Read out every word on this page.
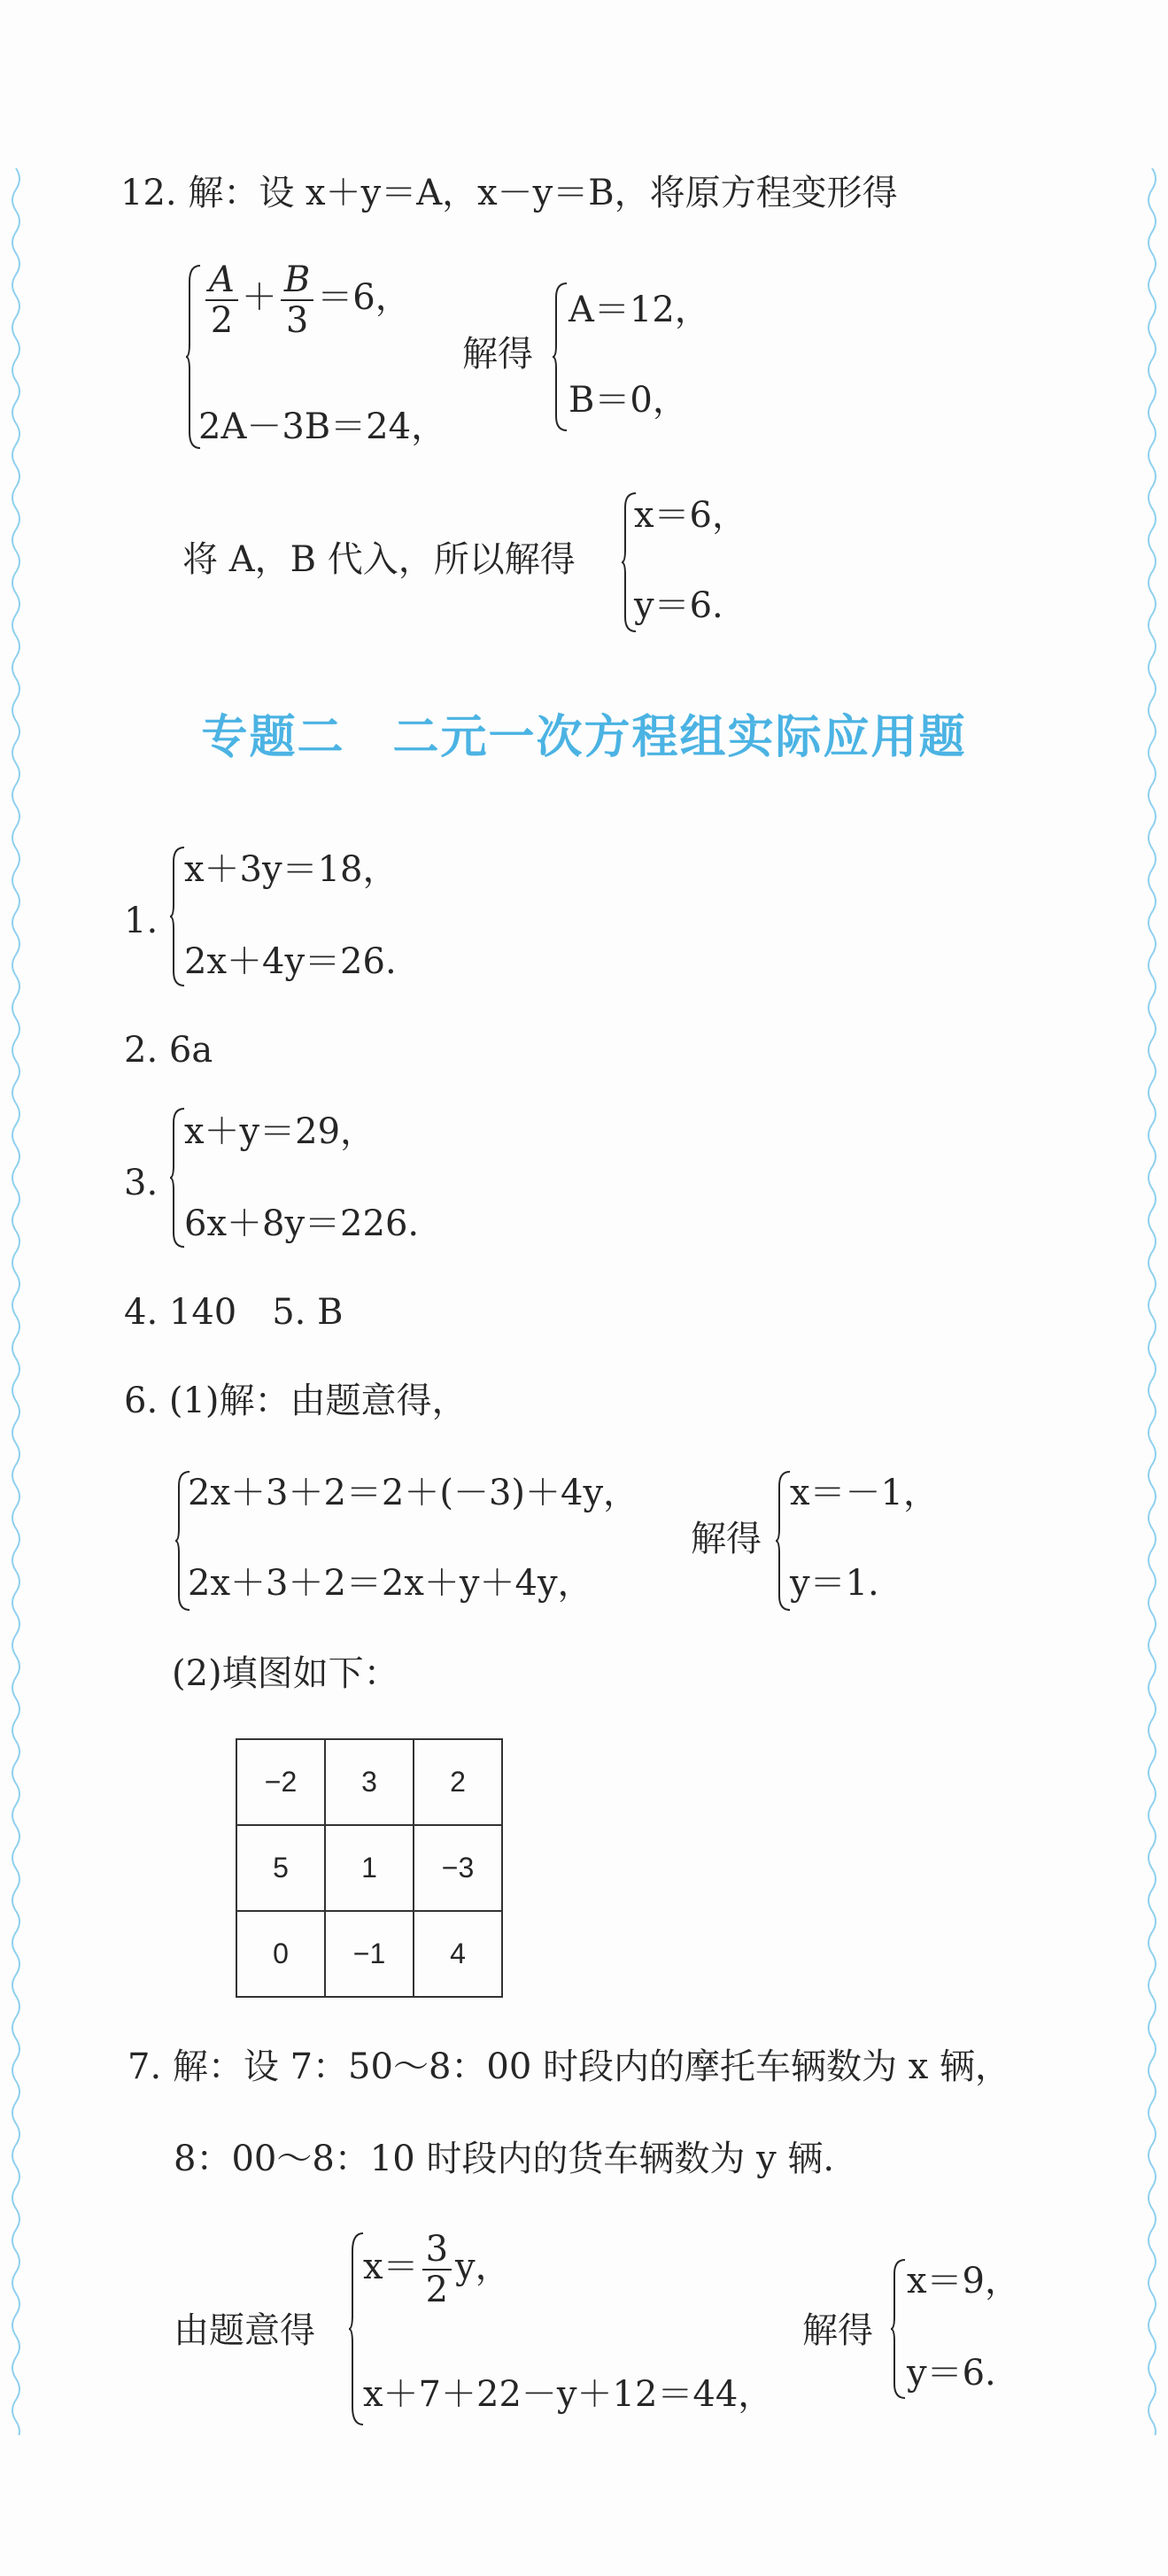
12. 解：设 x＋y＝A，x－y＝B，将原方程变形得
$\frac{A}{2} + \frac{B}{3} =6$，
2A－3B＝24，
解得
A＝12，
B＝0，
将 A，B 代入，所以解得
x＝6，
y＝6.
专题二　二元一次方程组实际应用题
1.
x＋3y＝18，
2x＋4y＝26.
2. 6a
3.
x＋y＝29，
6x＋8y＝226.
4. 140　5. B
6. (1)解：由题意得，
2x＋3＋2＝2＋(－3)＋4y，
2x＋3＋2＝2x＋y＋4y，
解得
x＝－1，
y＝1.
(2)填图如下：
−2	3	2
5	1	−3
0	−1	4
7. 解：设 7：50～8：00 时段内的摩托车辆数为 x 辆，
8：00～8：10 时段内的货车辆数为 y 辆.
由题意得
$x= \frac{3}{2}$ y，
x＋7＋22－y＋12＝44，
解得
x＝9，
y＝6.
